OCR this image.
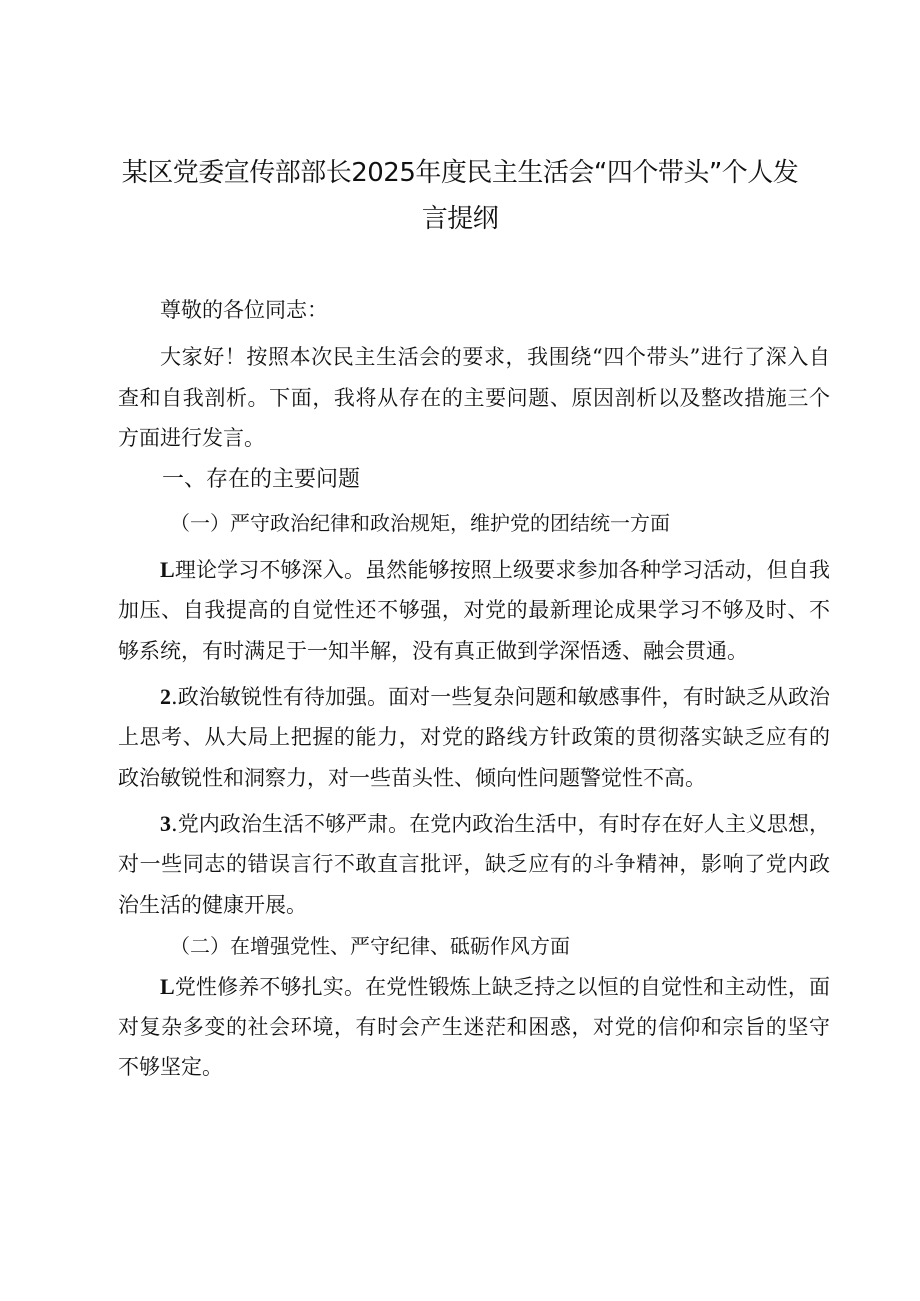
某区党委宣传部部长2025年度民主生活会“四个带头”个人发言提纲

尊敬的各位同志：

大家好！按照本次民主生活会的要求，我围绕“四个带头”进行了深入自查和自我剖析。下面，我将从存在的主要问题、原因剖析以及整改措施三个方面进行发言。

一、存在的主要问题

（一）严守政治纪律和政治规矩，维护党的团结统一方面

L理论学习不够深入。虽然能够按照上级要求参加各种学习活动，但自我加压、自我提高的自觉性还不够强，对党的最新理论成果学习不够及时、不够系统，有时满足于一知半解，没有真正做到学深悟透、融会贯通。

2.政治敏锐性有待加强。面对一些复杂问题和敏感事件，有时缺乏从政治上思考、从大局上把握的能力，对党的路线方针政策的贯彻落实缺乏应有的政治敏锐性和洞察力，对一些苗头性、倾向性问题警觉性不高。

3.党内政治生活不够严肃。在党内政治生活中，有时存在好人主义思想，对一些同志的错误言行不敢直言批评，缺乏应有的斗争精神，影响了党内政治生活的健康开展。

（二）在增强党性、严守纪律、砥砺作风方面

L党性修养不够扎实。在党性锻炼上缺乏持之以恒的自觉性和主动性，面对复杂多变的社会环境，有时会产生迷茫和困惑，对党的信仰和宗旨的坚守不够坚定。
